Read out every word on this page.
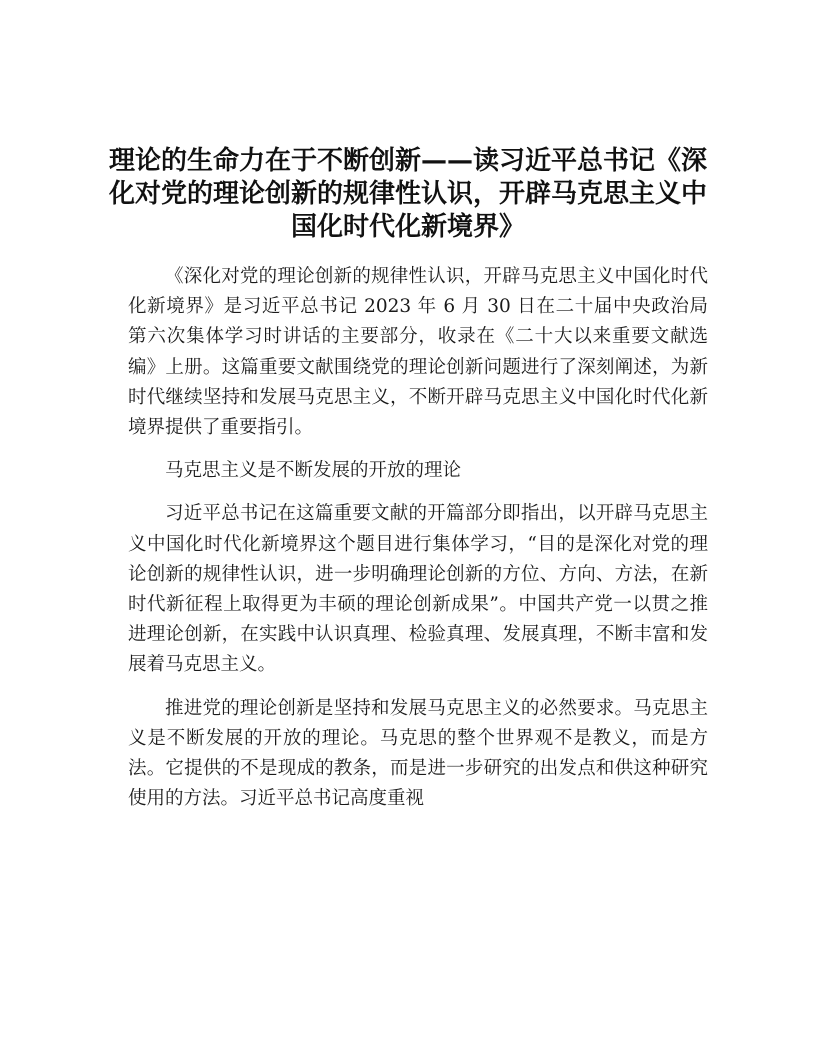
理论的生命力在于不断创新——读习近平总书记《深化对党的理论创新的规律性认识，开辟马克思主义中国化时代化新境界》

《深化对党的理论创新的规律性认识，开辟马克思主义中国化时代化新境界》是习近平总书记 2023 年 6 月 30 日在二十届中央政治局第六次集体学习时讲话的主要部分，收录在《二十大以来重要文献选编》上册。这篇重要文献围绕党的理论创新问题进行了深刻阐述，为新时代继续坚持和发展马克思主义，不断开辟马克思主义中国化时代化新境界提供了重要指引。

马克思主义是不断发展的开放的理论

习近平总书记在这篇重要文献的开篇部分即指出，以开辟马克思主义中国化时代化新境界这个题目进行集体学习，“目的是深化对党的理论创新的规律性认识，进一步明确理论创新的方位、方向、方法，在新时代新征程上取得更为丰硕的理论创新成果”。中国共产党一以贯之推进理论创新，在实践中认识真理、检验真理、发展真理，不断丰富和发展着马克思主义。

推进党的理论创新是坚持和发展马克思主义的必然要求。马克思主义是不断发展的开放的理论。马克思的整个世界观不是教义，而是方法。它提供的不是现成的教条，而是进一步研究的出发点和供这种研究使用的方法。习近平总书记高度重视
